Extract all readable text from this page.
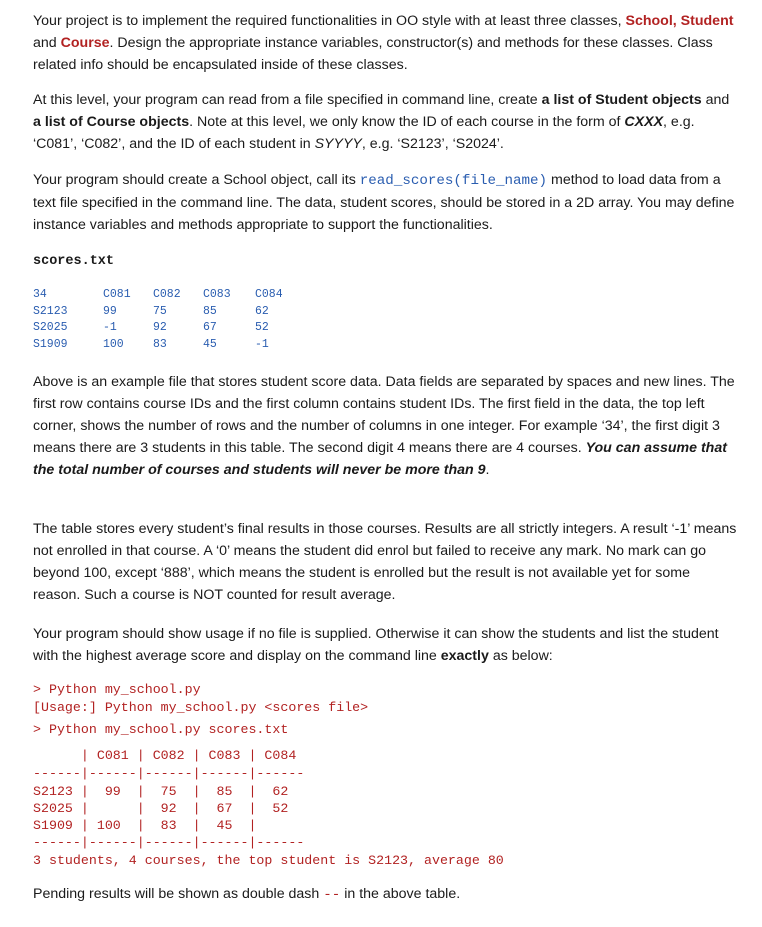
Your project is to implement the required functionalities in OO style with at least three classes, School, Student and Course. Design the appropriate instance variables, constructor(s) and methods for these classes. Class related info should be encapsulated inside of these classes.

At this level, your program can read from a file specified in command line, create a list of Student objects and a list of Course objects. Note at this level, we only know the ID of each course in the form of CXXX, e.g. ‘C081’, ‘C082’, and the ID of each student in SYYYY, e.g. ‘S2123’, ‘S2024’.

Your program should create a School object, call its read_scores(file_name) method to load data from a text file specified in the command line. The data, student scores, should be stored in a 2D array. You may define instance variables and methods appropriate to support the functionalities.

scores.txt
34	C081 C082 C083 C084
S2123	99	75	85	62
S2025	-1	92	67	52
S1909	100	83	45	-1

Above is an example file that stores student score data. Data fields are separated by spaces and new lines. The first row contains course IDs and the first column contains student IDs. The first field in the data, the top left corner, shows the number of rows and the number of columns in one integer. For example ‘34’, the first digit 3 means there are 3 students in this table. The second digit 4 means there are 4 courses. You can assume that the total number of courses and students will never be more than 9.

The table stores every student’s final results in those courses. Results are all strictly integers. A result ‘-1’ means not enrolled in that course. A ‘0’ means the student did enrol but failed to receive any mark. No mark can go beyond 100, except ‘888’, which means the student is enrolled but the result is not available yet for some reason. Such a course is NOT counted for result average.

Your program should show usage if no file is supplied. Otherwise it can show the students and list the student with the highest average score and display on the command line exactly as below:

> Python my_school.py
[Usage:] Python my_school.py <scores file>
> Python my_school.py scores.txt
| C081 | C082 | C083 | C084
------|------|------|------|------
S2123 |  99  |  75  |  85  |  62
S2025 |      |  92  |  67  |  52
S1909 | 100  |  83  |  45  |
------|------|------|------|------
3 students, 4 courses, the top student is S2123, average 80
Pending results will be shown as double dash -- in the above table.
